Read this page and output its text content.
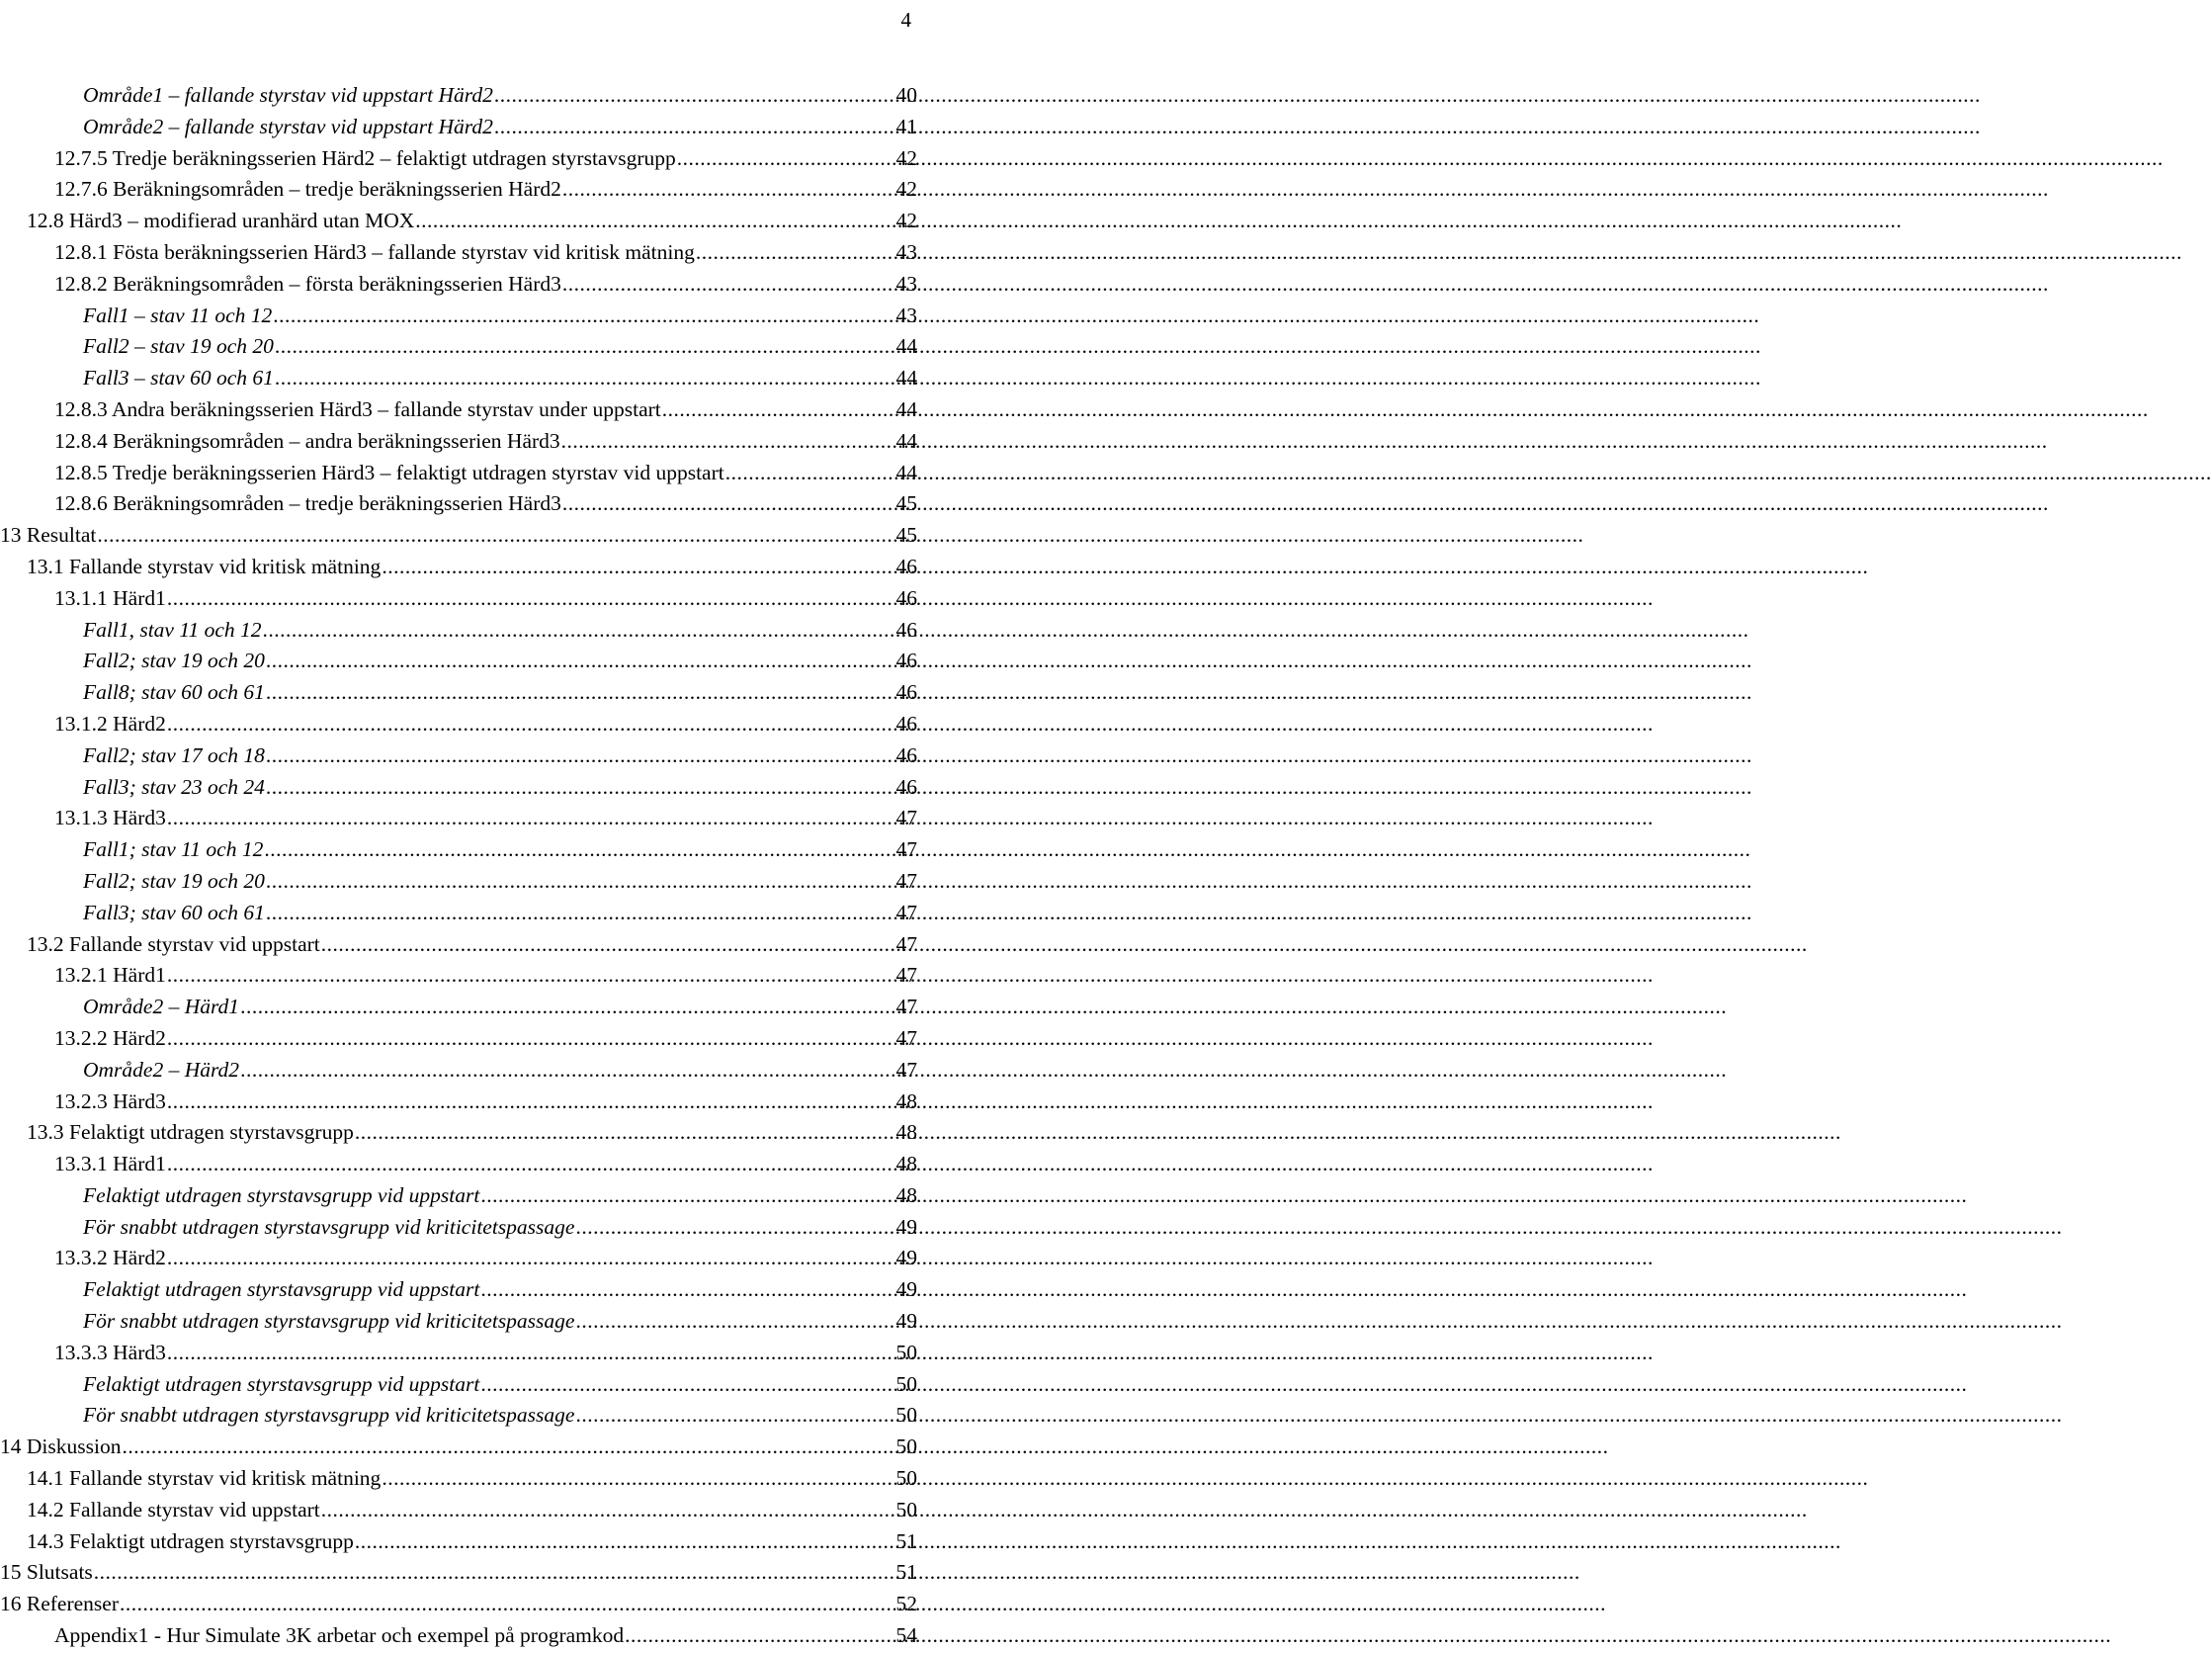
4
Område1 – fallande styrstav vid uppstart Härd2 .....	40
Område2 – fallande styrstav vid uppstart Härd2 .....	41
12.7.5 Tredje beräkningsserien Härd2 – felaktigt utdragen styrstavsgrupp .....	42
12.7.6 Beräkningsområden – tredje beräkningsserien Härd2 .....	42
12.8 Härd3 – modifierad uranhärd utan MOX .....	42
12.8.1 Fösta beräkningsserien Härd3 – fallande styrstav vid kritisk mätning .....	43
12.8.2 Beräkningsområden – första beräkningsserien Härd3 .....	43
Fall1 – stav 11 och 12 .....	43
Fall2 – stav 19 och 20 .....	44
Fall3 – stav 60 och 61 .....	44
12.8.3 Andra beräkningsserien Härd3 – fallande styrstav under uppstart .....	44
12.8.4 Beräkningsområden – andra beräkningsserien Härd3 .....	44
12.8.5 Tredje beräkningsserien Härd3 – felaktigt utdragen styrstav vid uppstart .....	44
12.8.6 Beräkningsområden – tredje beräkningsserien Härd3 .....	45
13 Resultat .....	45
13.1 Fallande styrstav vid kritisk mätning .....	46
13.1.1 Härd1 .....	46
Fall1, stav 11 och 12 .....	46
Fall2; stav 19 och 20 .....	46
Fall8; stav 60 och 61 .....	46
13.1.2 Härd2 .....	46
Fall2; stav 17 och 18 .....	46
Fall3; stav 23 och 24 .....	46
13.1.3 Härd3 .....	47
Fall1; stav 11 och 12 .....	47
Fall2; stav 19 och 20 .....	47
Fall3; stav 60 och 61 .....	47
13.2 Fallande styrstav vid uppstart .....	47
13.2.1 Härd1 .....	47
Område2 – Härd1 .....	47
13.2.2 Härd2 .....	47
Område2 – Härd2 .....	47
13.2.3 Härd3 .....	48
13.3 Felaktigt utdragen styrstavsgrupp .....	48
13.3.1 Härd1 .....	48
Felaktigt utdragen styrstavsgrupp vid uppstart .....	48
För snabbt utdragen styrstavsgrupp vid kriticitetspassage .....	49
13.3.2 Härd2 .....	49
Felaktigt utdragen styrstavsgrupp vid uppstart .....	49
För snabbt utdragen styrstavsgrupp vid kriticitetspassage .....	49
13.3.3 Härd3 .....	50
Felaktigt utdragen styrstavsgrupp vid uppstart .....	50
För snabbt utdragen styrstavsgrupp vid kriticitetspassage .....	50
14 Diskussion .....	50
14.1 Fallande styrstav vid kritisk mätning .....	50
14.2 Fallande styrstav vid uppstart .....	50
14.3 Felaktigt utdragen styrstavsgrupp .....	51
15 Slutsats .....	51
16 Referenser .....	52
Appendix1 - Hur Simulate 3K arbetar och exempel på programkod .....	54
